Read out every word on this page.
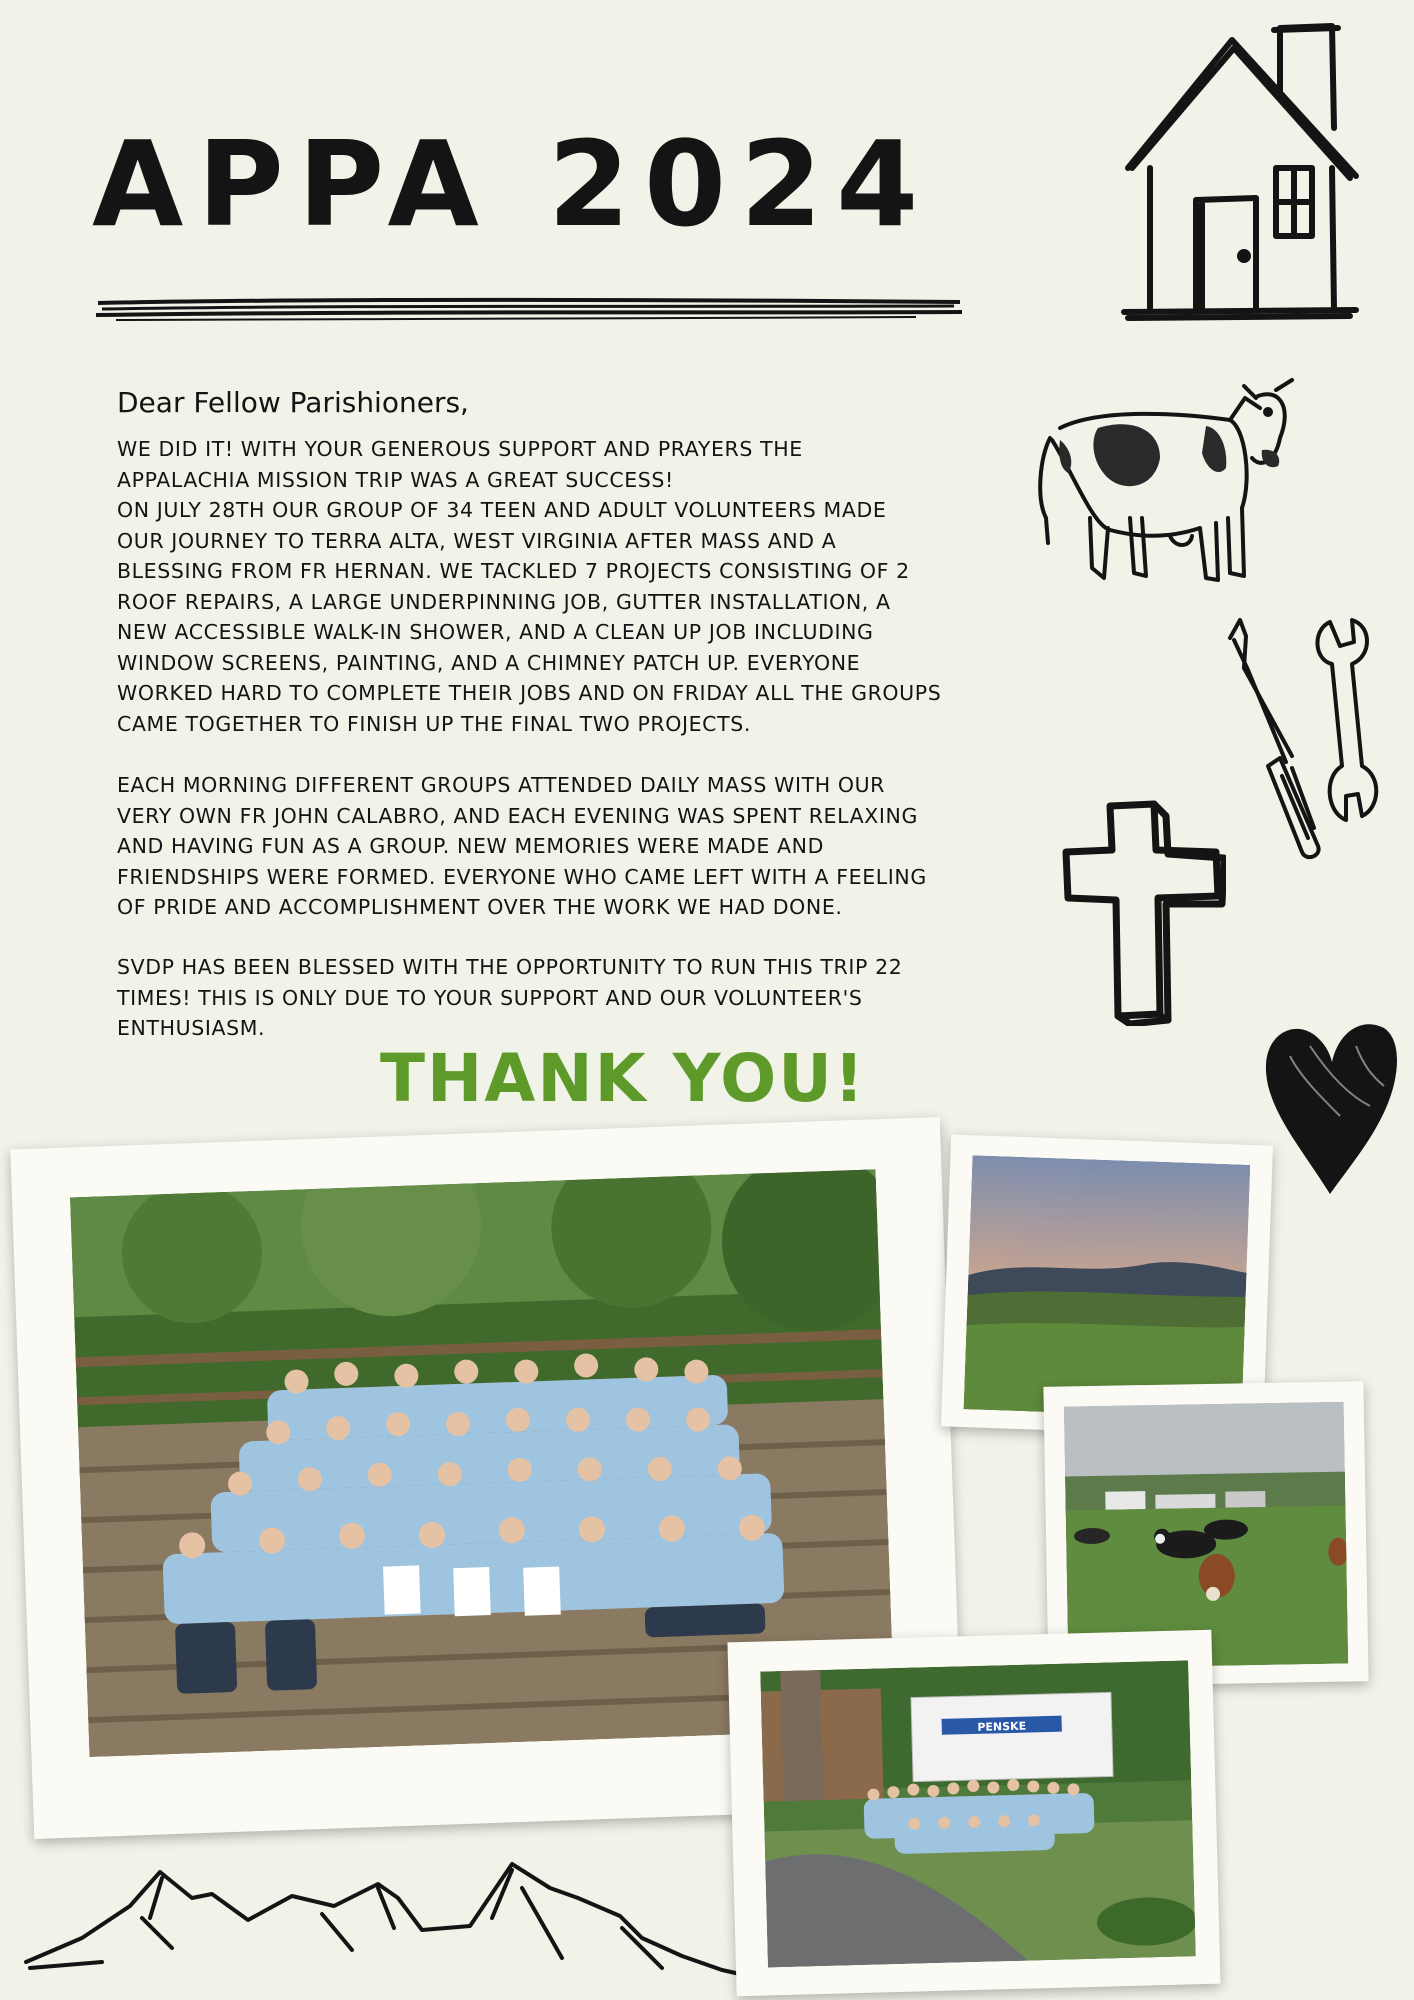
APPA 2024
Dear Fellow Parishioners,
WE DID IT! WITH YOUR GENEROUS SUPPORT AND PRAYERS THE
APPALACHIA MISSION TRIP WAS A GREAT SUCCESS!
ON JULY 28TH OUR GROUP OF 34 TEEN AND ADULT VOLUNTEERS MADE
OUR JOURNEY TO TERRA ALTA, WEST VIRGINIA AFTER MASS AND A
BLESSING FROM FR HERNAN. WE TACKLED 7 PROJECTS CONSISTING OF 2
ROOF REPAIRS, A LARGE UNDERPINNING JOB, GUTTER INSTALLATION, A
NEW ACCESSIBLE WALK-IN SHOWER, AND A CLEAN UP JOB INCLUDING
WINDOW SCREENS, PAINTING, AND A CHIMNEY PATCH UP. EVERYONE
WORKED HARD TO COMPLETE THEIR JOBS AND ON FRIDAY ALL THE GROUPS
CAME TOGETHER TO FINISH UP THE FINAL TWO PROJECTS.
EACH MORNING DIFFERENT GROUPS ATTENDED DAILY MASS WITH OUR
VERY OWN FR JOHN CALABRO, AND EACH EVENING WAS SPENT RELAXING
AND HAVING FUN AS A GROUP. NEW MEMORIES WERE MADE AND
FRIENDSHIPS WERE FORMED. EVERYONE WHO CAME LEFT WITH A FEELING
OF PRIDE AND ACCOMPLISHMENT OVER THE WORK WE HAD DONE.
SVDP HAS BEEN BLESSED WITH THE OPPORTUNITY TO RUN THIS TRIP 22
TIMES! THIS IS ONLY DUE TO YOUR SUPPORT AND OUR VOLUNTEER'S
ENTHUSIASM.
THANK YOU!
PENSKE
